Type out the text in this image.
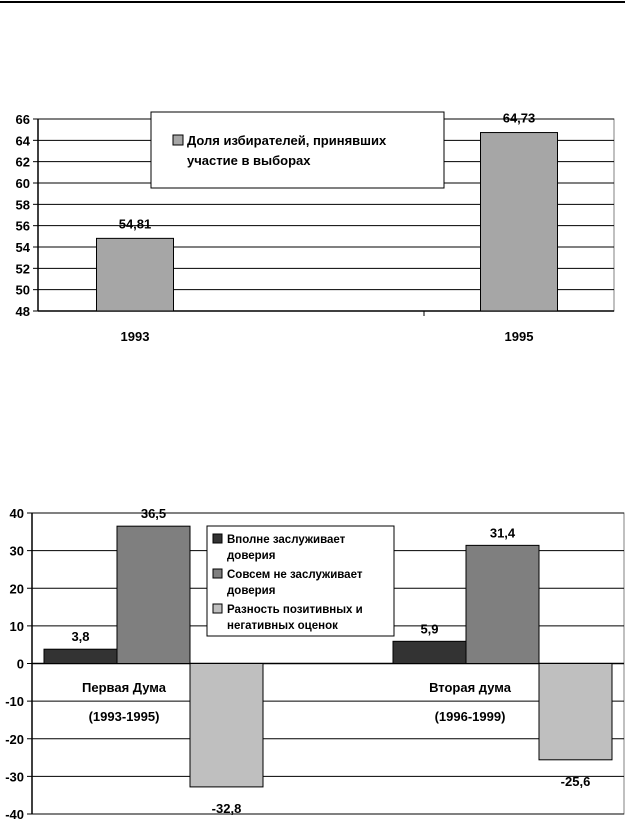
48
50
52
54
56
58
60
62
64
66
54,81
1993
64,73
1995
Доля избирателей, принявших
участие в выборах
-40
-30
-20
-10
0
10
20
30
40
3,8
5,9
36,5
31,4
-32,8
-25,6
Первая Дума
(1993-1995)
Вторая дума
(1996-1999)
Вполне заслуживает
доверия
Совсем не заслуживает
доверия
Разность позитивных и
негативных оценок
